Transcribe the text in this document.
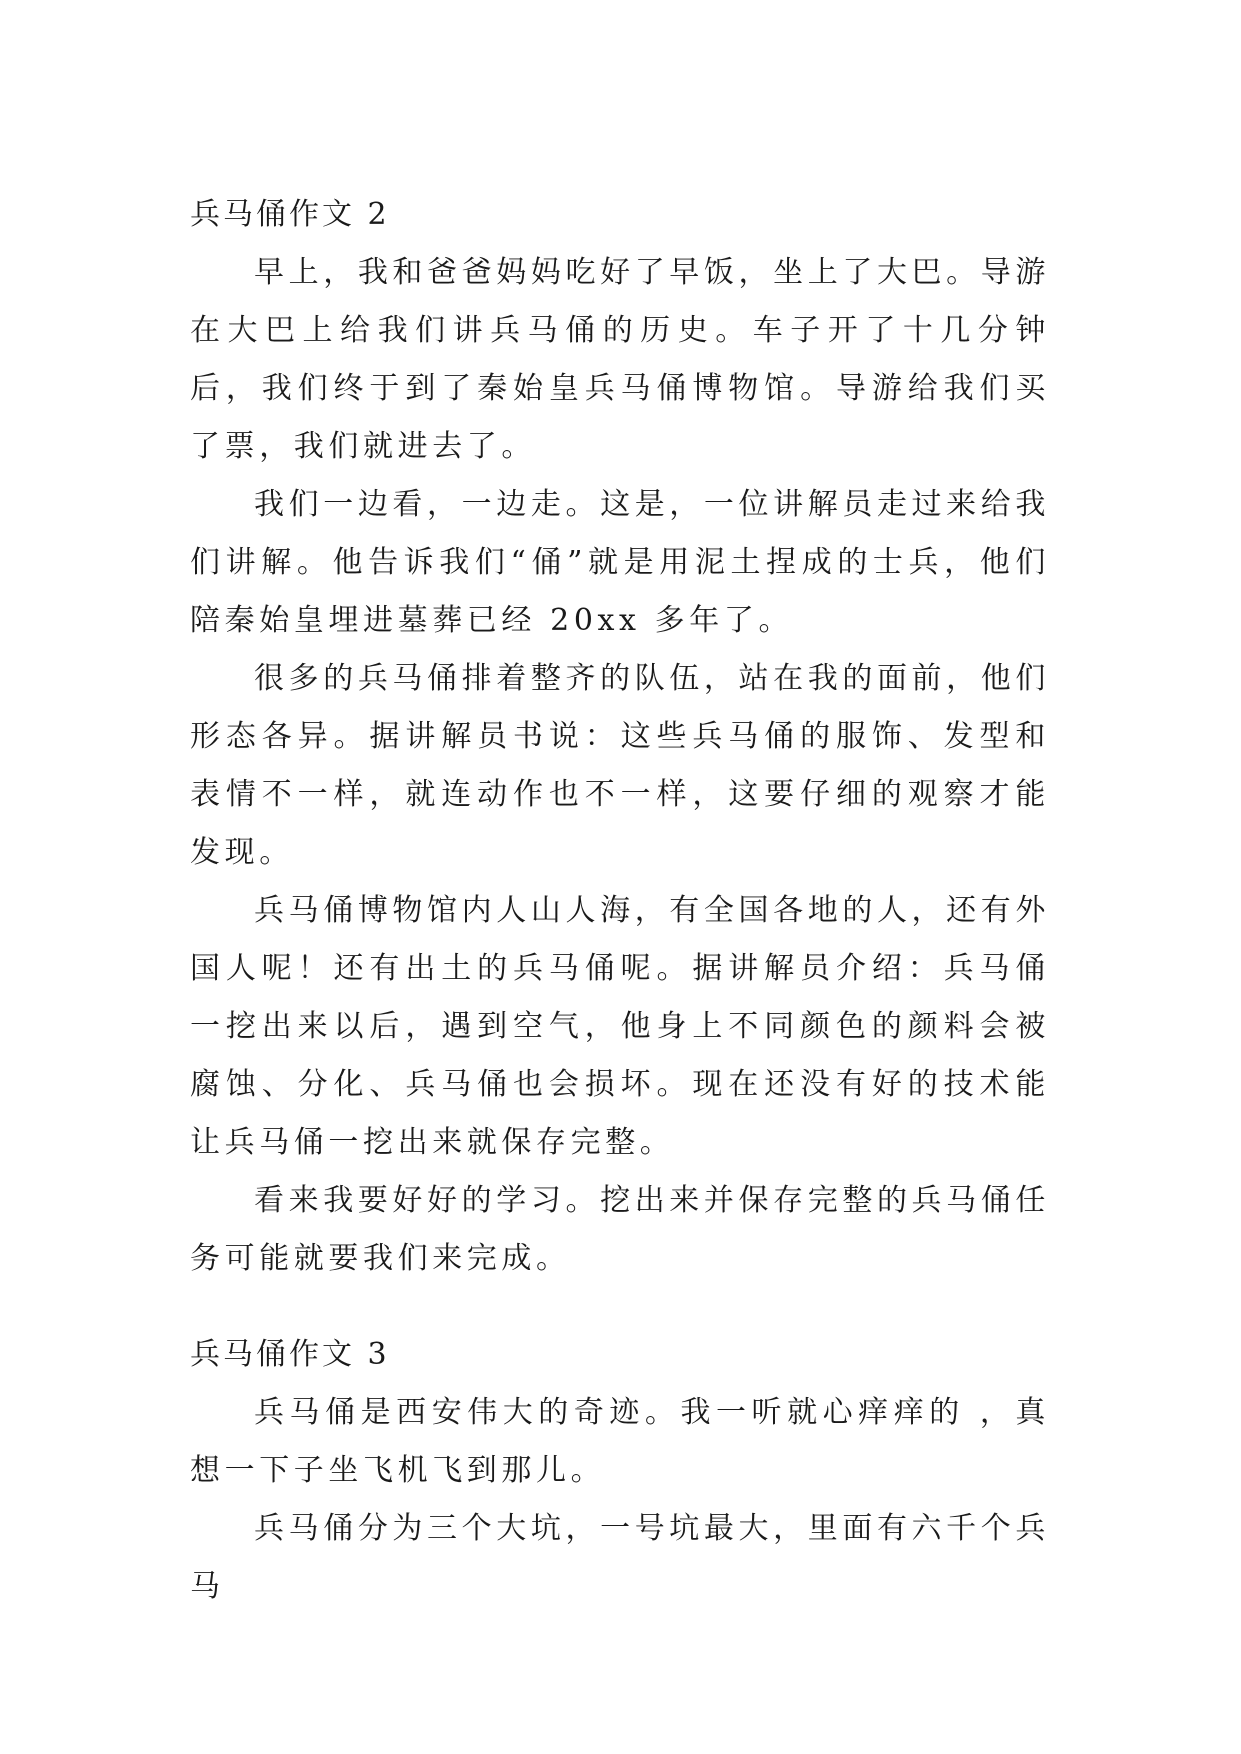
兵马俑作文 2

早上，我和爸爸妈妈吃好了早饭，坐上了大巴。导游在大巴上给我们讲兵马俑的历史。车子开了十几分钟后，我们终于到了秦始皇兵马俑博物馆。导游给我们买了票，我们就进去了。

我们一边看，一边走。这是，一位讲解员走过来给我们讲解。他告诉我们“俑”就是用泥土捏成的士兵，他们陪秦始皇埋进墓葬已经 20xx 多年了。

很多的兵马俑排着整齐的队伍，站在我的面前，他们形态各异。据讲解员书说：这些兵马俑的服饰、发型和表情不一样，就连动作也不一样，这要仔细的观察才能发现。

兵马俑博物馆内人山人海，有全国各地的人，还有外国人呢！还有出土的兵马俑呢。据讲解员介绍：兵马俑一挖出来以后，遇到空气，他身上不同颜色的颜料会被腐蚀、分化、兵马俑也会损坏。现在还没有好的技术能让兵马俑一挖出来就保存完整。

看来我要好好的学习。挖出来并保存完整的兵马俑任务可能就要我们来完成。

兵马俑作文 3

兵马俑是西安伟大的奇迹。我一听就心痒痒的 ，真想一下子坐飞机飞到那儿。

兵马俑分为三个大坑，一号坑最大，里面有六千个兵马
